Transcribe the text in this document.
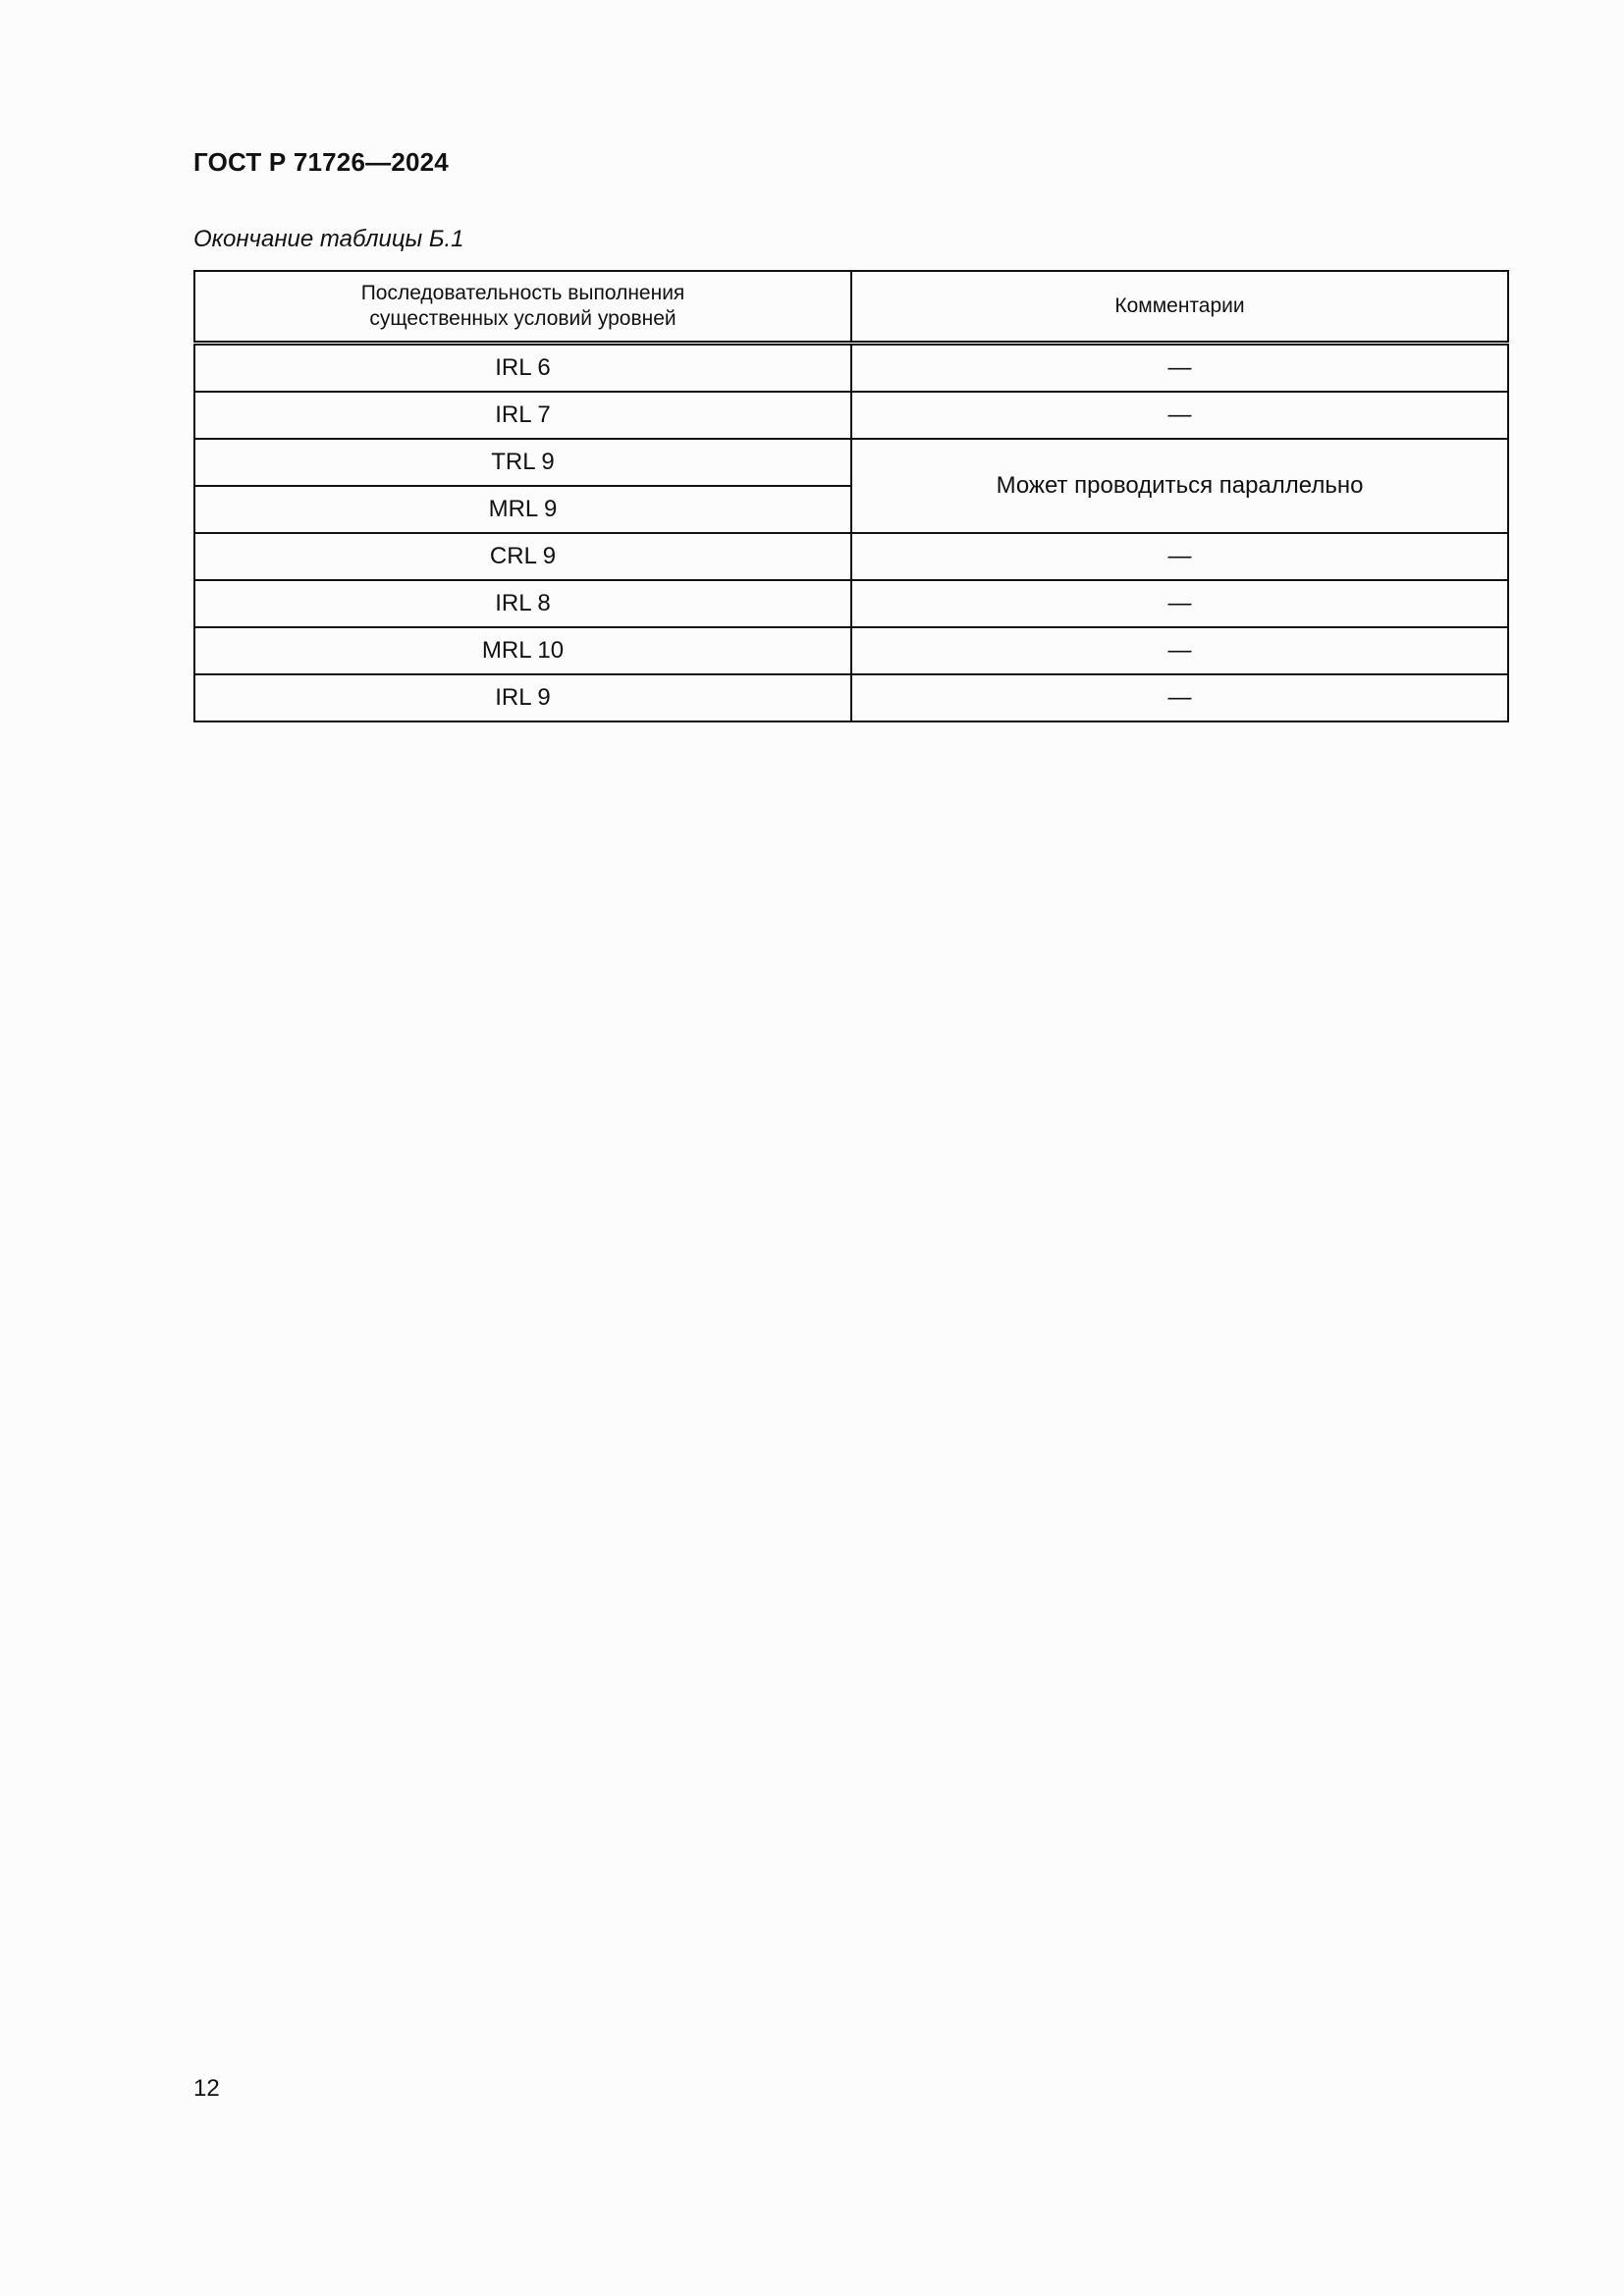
ГОСТ Р 71726—2024
Окончание таблицы Б.1
Последовательность выполнения существенных условий уровней	Комментарии
IRL 6	—
IRL 7	—
TRL 9	Может проводиться параллельно
MRL 9	
CRL 9	—
IRL 8	—
MRL 10	—
IRL 9	—
12
